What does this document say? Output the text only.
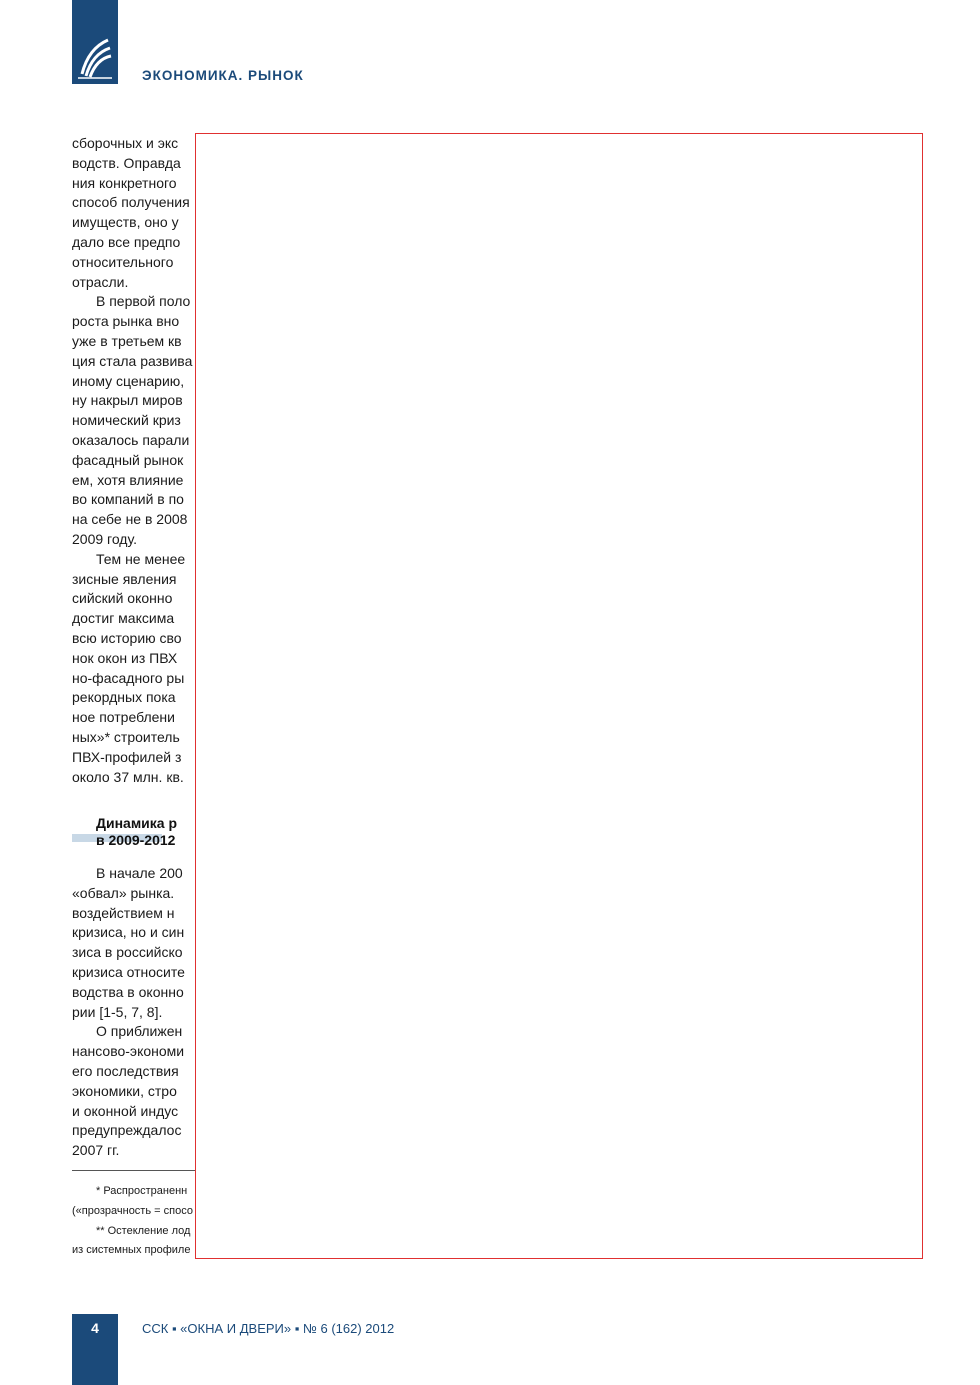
ЭКОНОМИКА. РЫНОК
сборочных и экс
водств. Оправда
ния конкретного
способ получения
имуществ, оно у
дало все предпо
относительного
отрасли.
В первой поло
роста рынка вно
уже в третьем кв
ция стала развива
иному сценарию,
ну накрыл миров
номический криз
оказалось парали
фасадный рынок
ем, хотя влияние
во компаний в по
на себе не в 2008
2009 году.
Тем не менее
зисные явления
сийский оконно
достиг максима
всю историю сво
нок окон из ПВХ
но-фасадного ры
рекордных пока
ное потреблени
ных»* строитель
ПВХ-профилей з
около 37 млн. кв.
Динамика р
в 2009-2012
В начале 200
«обвал» рынка.
воздействием н
кризиса, но и син
зиса в российско
кризиса относите
водства в оконно
рии [1-5, 7, 8].
О приближен
нансово-экономи
его последствия
экономики, стро
и оконной индус
предупреждалос
2007 гг.
* Распространенн
(«прозрачность = спосо
** Остекление лод
из системных профиле
4	ССК ▪ «ОКНА И ДВЕРИ» ▪ № 6 (162) 2012
